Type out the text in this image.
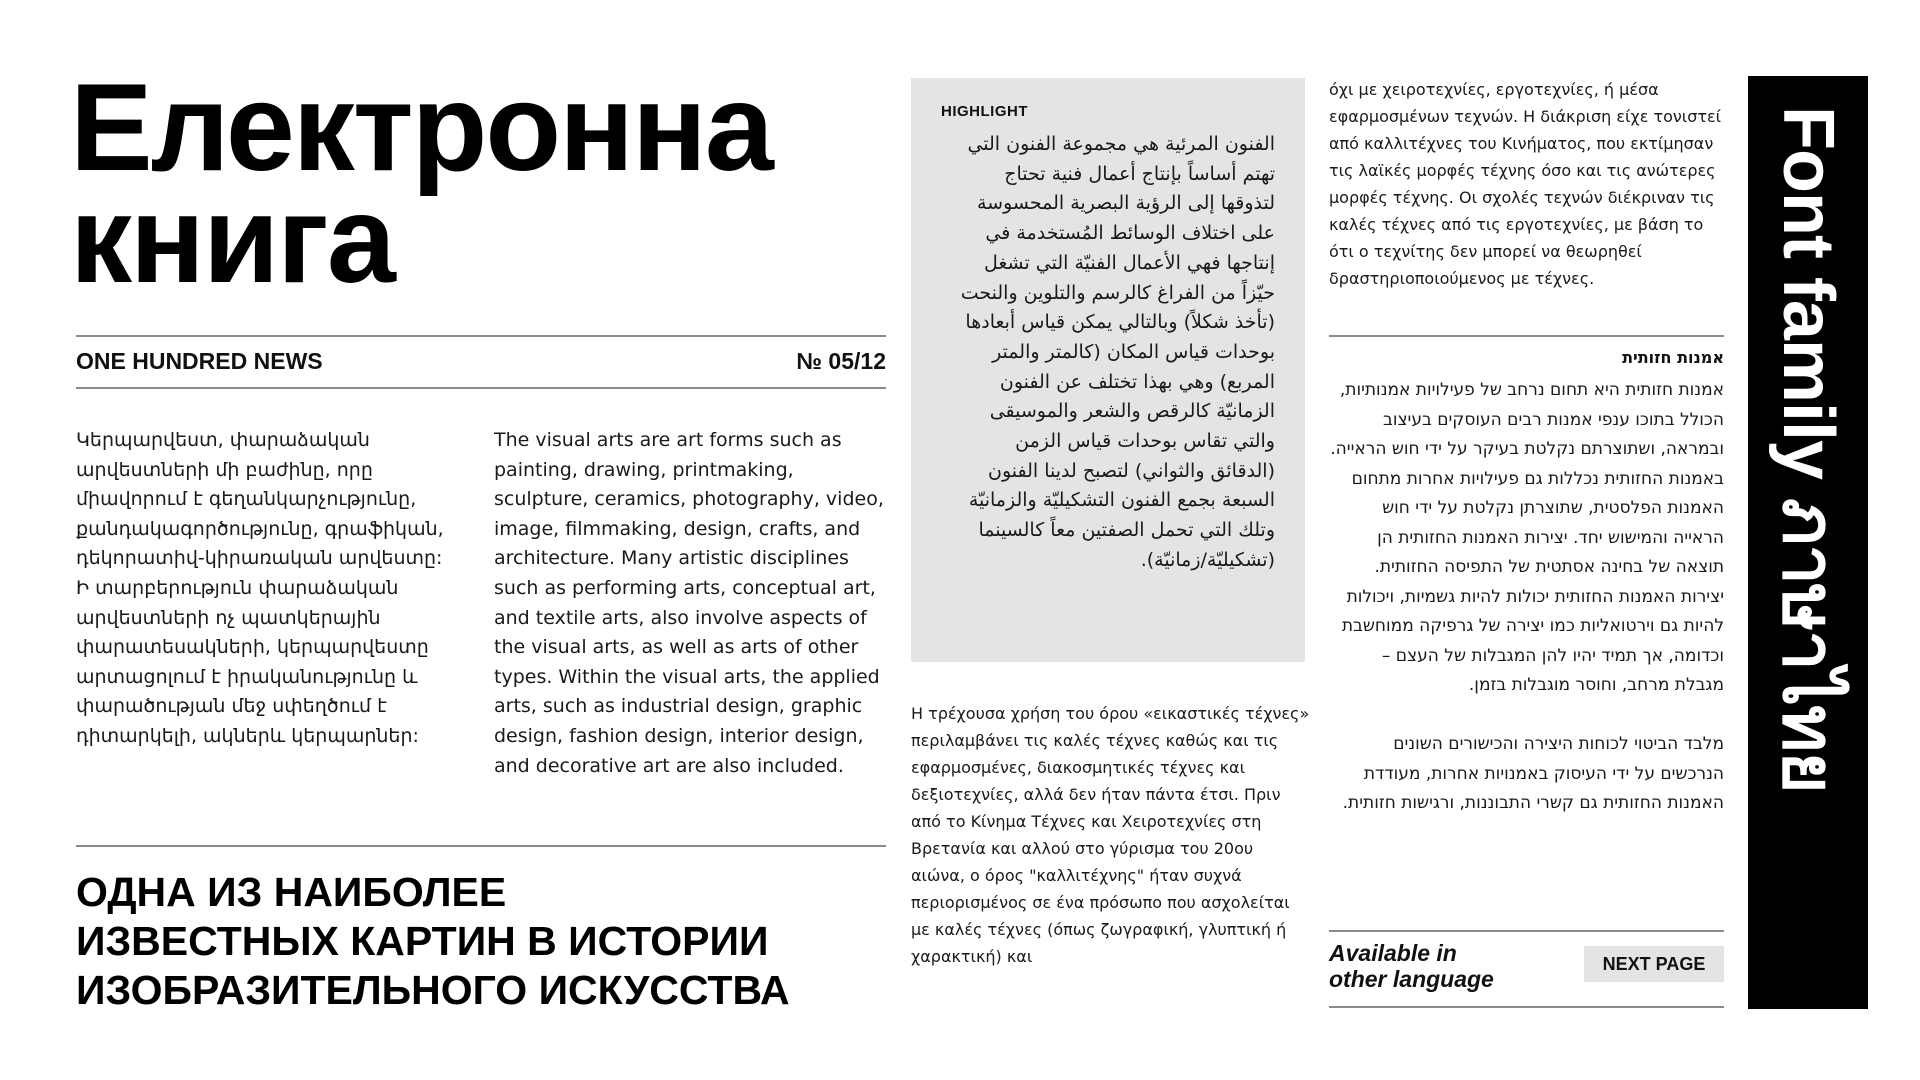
Електронна
книга
ONE HUNDRED NEWS	№ 05/12

Կերպարվեստ, փարաձական արվեստների մի բաժինը, որը միավորում է գեղանկարչությունը, քանդակագործությունը, գրաֆիկան, դեկորատիվ-կիրառական արվեստը: Ի տարբերություն փարաձական արվեստների ոչ պատկերային փարատեսակների, կերպարվեստը արտացոլում է իրականությունը և փարածության մեջ սփեղծում է դիտարկելի, ակներև կերպարներ:

The visual arts are art forms such as painting, drawing, printmaking, sculpture, ceramics, photography, video, image, filmmaking, design, crafts, and architecture. Many artistic disciplines such as performing arts, conceptual art, and textile arts, also involve aspects of the visual arts, as well as arts of other types. Within the visual arts, the applied arts, such as industrial design, graphic design, fashion design, interior design, and decorative art are also included.

ОДНА ИЗ НАИБОЛЕЕ
ИЗВЕСТНЫХ КАРТИН В ИСТОРИИ
ИЗОБРАЗИТЕЛЬНОГО ИСКУССТВА
HIGHLIGHT

الفنون المرئية هي مجموعة الفنون التي تهتم أساساً بإنتاج أعمال فنية تحتاج لتذوقها إلى الرؤية البصرية المحسوسة على اختلاف الوسائط المُستخدمة في إنتاجها فهي الأعمال الفنيّة التي تشغل حيّزاً من الفراغ كالرسم والتلوين والنحت (تأخذ شكلاً) وبالتالي يمكن قياس أبعادها بوحدات قياس المكان (كالمتر والمتر المربع) وهي بهذا تختلف عن الفنون الزمانيّة كالرقص والشعر والموسيقى والتي تقاس بوحدات قياس الزمن (الدقائق والثواني) لتصبح لدينا الفنون السبعة بجمع الفنون التشكيليّة والزمانيّة وتلك التي تحمل الصفتين معاً كالسينما (تشكيليّة/زمانيّة).

Η τρέχουσα χρήση του όρου «εικαστικές τέχνες» περιλαμβάνει τις καλές τέχνες καθώς και τις εφαρμοσμένες, διακοσμητικές τέχνες και δεξιοτεχνίες, αλλά δεν ήταν πάντα έτσι. Πριν από το Κίνημα Τέχνες και Χειροτεχνίες στη Βρετανία και αλλού στο γύρισμα του 20ου αιώνα, ο όρος "καλλιτέχνης" ήταν συχνά περιορισμένος σε ένα πρόσωπο που ασχολείται με καλές τέχνες (όπως ζωγραφική, γλυπτική ή χαρακτική) και

όχι με χειροτεχνίες, εργοτεχνίες, ή μέσα εφαρμοσμένων τεχνών. Η διάκριση είχε τονιστεί από καλλιτέχνες του Κινήματος, που εκτίμησαν τις λαϊκές μορφές τέχνης όσο και τις ανώτερες μορφές τέχνης. Οι σχολές τεχνών διέκριναν τις καλές τέχνες από τις εργοτεχνίες, με βάση το ότι ο τεχνίτης δεν μπορεί να θεωρηθεί δραστηριοποιούμενος με τέχνες.

אמנות חזותית

אמנות חזותית היא תחום נרחב של פעילויות אמנותיות, הכולל בתוכו ענפי אמנות רבים העוסקים בעיצוב ובמראה, ושתוצרתם נקלטת בעיקר על ידי חוש הראייה. באמנות החזותית נכללות גם פעילויות אחרות מתחום האמנות הפלסטית, שתוצרתן נקלטת על ידי חוש הראייה והמישוש יחד. יצירות האמנות החזותית הן תוצאה של בחינה אסתטית של התפיסה החזותית. יצירות האמנות החזותית יכולות להיות גשמיות, ויכולות להיות גם וירטואליות כמו יצירה של גרפיקה ממוחשבת וכדומה, אך תמיד יהיו להן המגבלות של העצם – מגבלת מרחב, וחוסר מוגבלות בזמן.

מלבד הביטוי לכוחות היצירה והכישורים השונים הנרכשים על ידי העיסוק באמנויות אחרות, מעודדת האמנות החזותית גם קשרי התבוננות, ורגישות חזותית.

Available in
other language
NEXT PAGE
Font family ภาษาไทย
